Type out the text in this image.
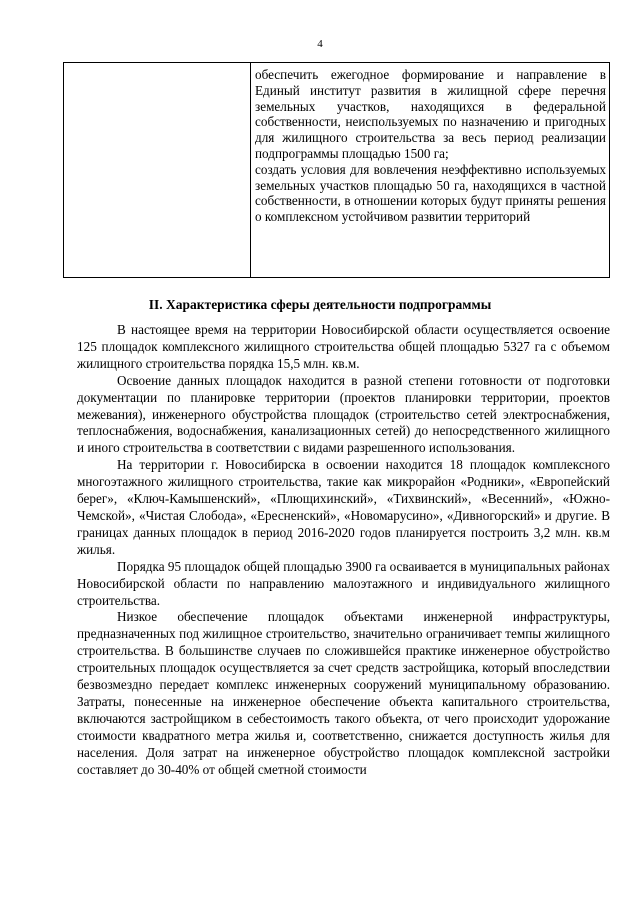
4

обеспечить ежегодное формирование и направление в Единый институт развития в жилищной сфере перечня земельных участков, находящихся в федеральной собственности, неиспользуемых по назначению и пригодных для жилищного строительства за весь период реализации подпрограммы площадью 1500 га;

создать условия для вовлечения неэффективно используемых земельных участков площадью 50 га, находящихся в частной собственности, в отношении которых будут приняты решения о комплексном устойчивом развитии территорий

II. Характеристика сферы деятельности подпрограммы

В настоящее время на территории Новосибирской области осуществляется освоение 125 площадок комплексного жилищного строительства общей площадью 5327 га с объемом жилищного строительства порядка 15,5 млн. кв.м.

Освоение данных площадок находится в разной степени готовности от подготовки документации по планировке территории (проектов планировки территории, проектов межевания), инженерного обустройства площадок (строительство сетей электроснабжения, теплоснабжения, водоснабжения, канализационных сетей) до непосредственного жилищного и иного строительства в соответствии с видами разрешенного использования.

На территории г. Новосибирска в освоении находится 18 площадок комплексного многоэтажного жилищного строительства, такие как микрорайон «Родники», «Европейский берег», «Ключ-Камышенский», «Плющихинский», «Тихвинский», «Весенний», «Южно-Чемской», «Чистая Слобода», «Ересненский», «Новомарусино», «Дивногорский» и другие. В границах данных площадок в период 2016-2020 годов планируется построить 3,2 млн. кв.м жилья.

Порядка 95 площадок общей площадью 3900 га осваивается в муниципальных районах Новосибирской области по направлению малоэтажного и индивидуального жилищного строительства.

Низкое обеспечение площадок объектами инженерной инфраструктуры, предназначенных под жилищное строительство, значительно ограничивает темпы жилищного строительства. В большинстве случаев по сложившейся практике инженерное обустройство строительных площадок осуществляется за счет средств застройщика, который впоследствии безвозмездно передает комплекс инженерных сооружений муниципальному образованию. Затраты, понесенные на инженерное обеспечение объекта капитального строительства, включаются застройщиком в себестоимость такого объекта, от чего происходит удорожание стоимости квадратного метра жилья и, соответственно, снижается доступность жилья для населения. Доля затрат на инженерное обустройство площадок комплексной застройки составляет до 30-40% от общей сметной стоимости
